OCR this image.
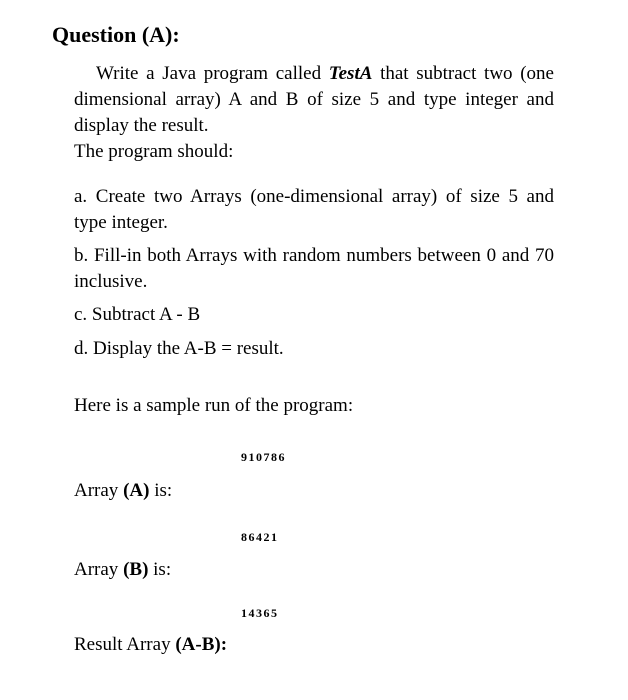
Question (A):

Write a Java program called TestA that subtract two (one dimensional array) A and B of size 5 and type integer and display the result.

The program should:

a. Create two Arrays (one-dimensional array) of size 5 and type integer.

b. Fill-in both Arrays with random numbers between 0 and 70 inclusive.

c. Subtract A - B

d. Display the A-B = result.

Here is a sample run of the program:

910786
Array (A) is:
86421
Array (B) is:
14365
Result Array (A-B):
